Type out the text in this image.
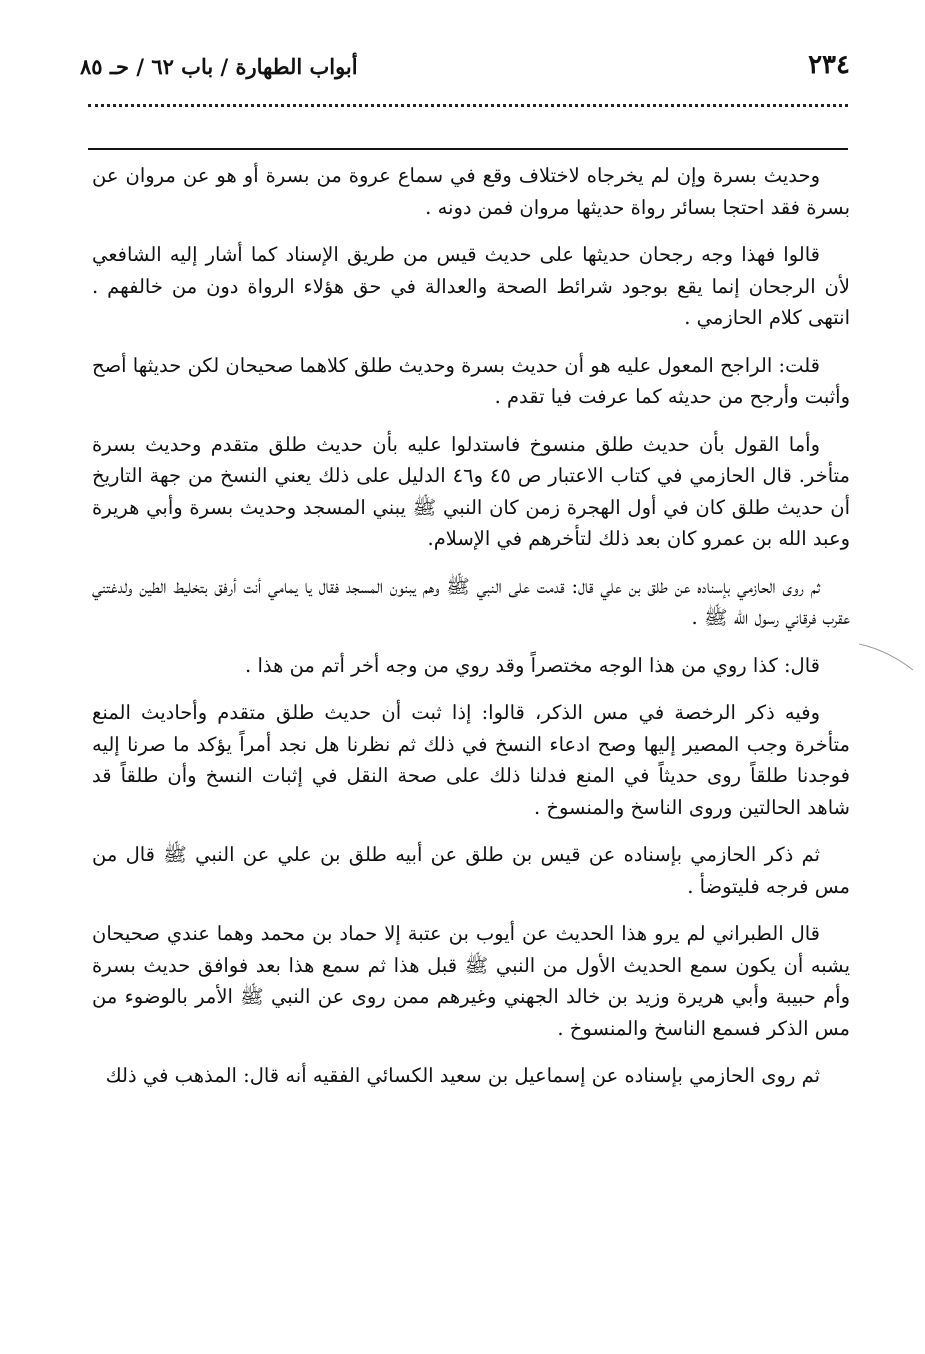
٢٣٤
أبواب الطهارة / باب ٦٢ / حـ ٨٥

وحديث بسرة وإن لم يخرجاه لاختلاف وقع في سماع عروة من بسرة أو هو عن مروان عن بسرة فقد احتجا بسائر رواة حديثها مروان فمن دونه .

قالوا فهذا وجه رجحان حديثها على حديث قيس من طريق الإسناد كما أشار إليه الشافعي لأن الرجحان إنما يقع بوجود شرائط الصحة والعدالة في حق هؤلاء الرواة دون من خالفهم . انتهى كلام الحازمي .

قلت: الراجح المعول عليه هو أن حديث بسرة وحديث طلق كلاهما صحيحان لكن حديثها أصح وأثبت وأرجح من حديثه كما عرفت فيا تقدم .

وأما القول بأن حديث طلق منسوخ فاستدلوا عليه بأن حديث طلق متقدم وحديث بسرة متأخر. قال الحازمي في كتاب الاعتبار ص ٤٥ و٤٦ الدليل على ذلك يعني النسخ من جهة التاريخ أن حديث طلق كان في أول الهجرة زمن كان النبي ﷺ يبني المسجد وحديث بسرة وأبي هريرة وعبد الله بن عمرو كان بعد ذلك لتأخرهم في الإسلام.

ثم روى الحازمي بإسناده عن طلق بن علي قال: قدمت على النبي ﷺ وهم يبنون المسجد فقال يا يمامي أنت أرفق بتخليط الطين ولدغتني عقرب فرقاني رسول الله ﷺ .

قال: كذا روي من هذا الوجه مختصراً وقد روي من وجه أخر أتم من هذا .

وفيه ذكر الرخصة في مس الذكر، قالوا: إذا ثبت أن حديث طلق متقدم وأحاديث المنع متأخرة وجب المصير إليها وصح ادعاء النسخ في ذلك ثم نظرنا هل نجد أمراً يؤكد ما صرنا إليه فوجدنا طلقاً روى حديثاً في المنع فدلنا ذلك على صحة النقل في إثبات النسخ وأن طلقاً قد شاهد الحالتين وروى الناسخ والمنسوخ .

ثم ذكر الحازمي بإسناده عن قيس بن طلق عن أبيه طلق بن علي عن النبي ﷺ قال من مس فرجه فليتوضأ .

قال الطبراني لم يرو هذا الحديث عن أيوب بن عتبة إلا حماد بن محمد وهما عندي صحيحان يشبه أن يكون سمع الحديث الأول من النبي ﷺ قبل هذا ثم سمع هذا بعد فوافق حديث بسرة وأم حبيبة وأبي هريرة وزيد بن خالد الجهني وغيرهم ممن روى عن النبي ﷺ الأمر بالوضوء من مس الذكر فسمع الناسخ والمنسوخ .

ثم روى الحازمي بإسناده عن إسماعيل بن سعيد الكسائي الفقيه أنه قال: المذهب في ذلك
